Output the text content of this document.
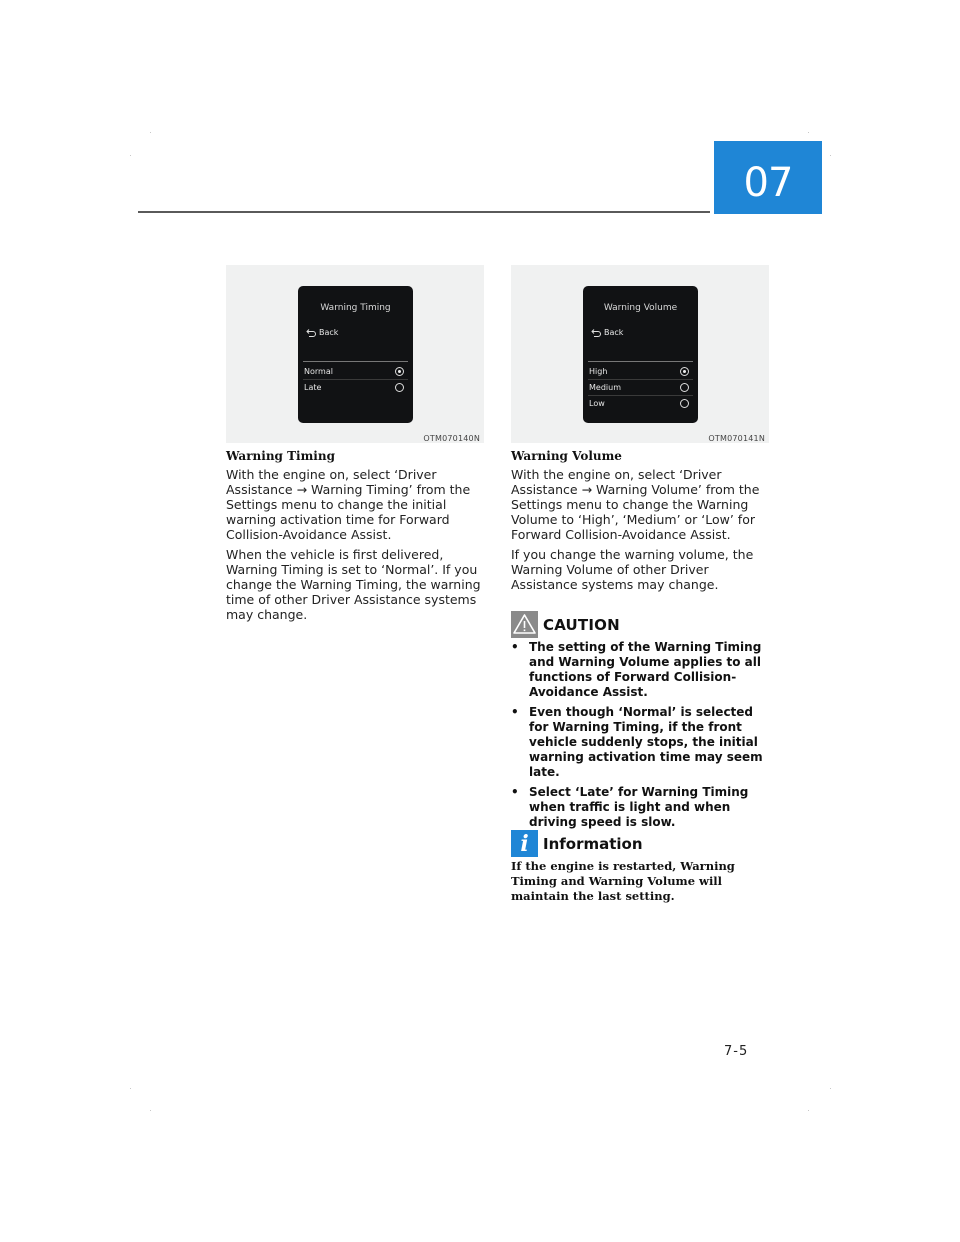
07
Warning Timing
Back
Normal
Late
OTM070140N
Warning Volume
Back
High
Medium
Low
OTM070141N
Warning Timing

With the engine on, select ‘Driver Assistance → Warning Timing’ from the Settings menu to change the initial warning activation time for Forward Collision-Avoidance Assist.

When the vehicle is first delivered, Warning Timing is set to ‘Normal’. If you change the Warning Timing, the warning time of other Driver Assistance systems may change.

Warning Volume

With the engine on, select ‘Driver Assistance → Warning Volume’ from the Settings menu to change the Warning Volume to ‘High’, ‘Medium’ or ‘Low’ for Forward Collision-Avoidance Assist.

If you change the warning volume, the Warning Volume of other Driver Assistance systems may change.

CAUTION
• The setting of the Warning Timing and Warning Volume applies to all functions of Forward Collision-Avoidance Assist.
• Even though ‘Normal’ is selected for Warning Timing, if the front vehicle suddenly stops, the initial warning activation time may seem late.
• Select ‘Late’ for Warning Timing when traffic is light and when driving speed is slow.
i Information
If the engine is restarted, Warning Timing and Warning Volume will maintain the last setting.
7-5
